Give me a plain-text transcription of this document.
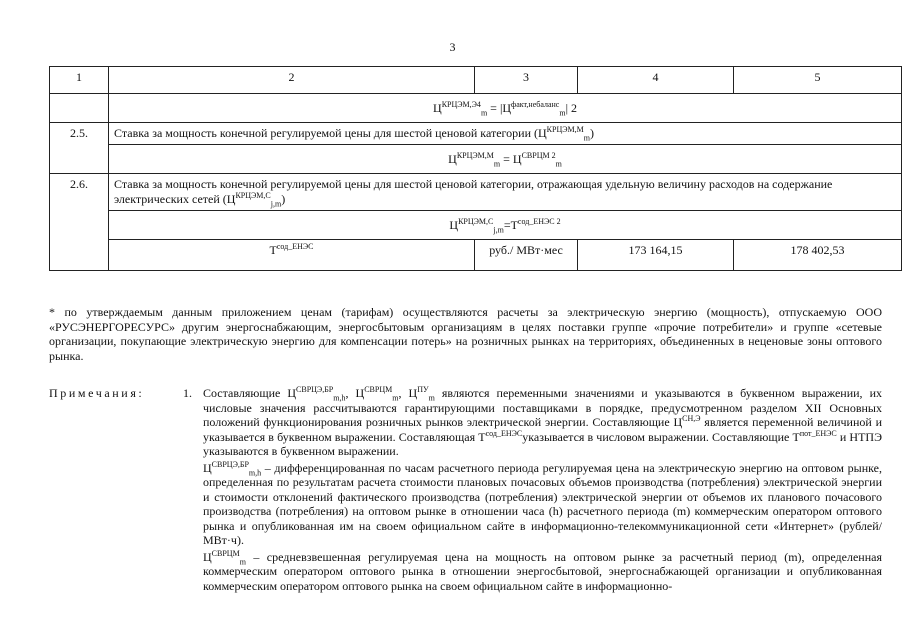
3
1	2	3	4	5
	$Ц^{КРЦЭМ,Э4}_m = |Ц^{факт,небаланс}_m|$ 2			
2.5.	Ставка за мощность конечной регулируемой цены для шестой ценовой категории $(Ц^{КРЦЭМ,М}_m)$			
	$Ц^{КРЦЭМ,М}_m = Ц^{СВРЦМ 2}_m$
2.6.	Ставка за мощность конечной регулируемой цены для шестой ценовой категории, отражающая удельную величину расходов на содержание электрических сетей $(Ц^{КРЦЭМ,С}_{j,m})$			
	$Ц^{КРЦЭМ,С}_{j,m}=Т^{сод\_ЕНЭС 2}$
	$Т^{сод\_ЕНЭС}$	руб./ МВт·мес	173 164,15	178 402,53
* по утверждаемым данным приложением ценам (тарифам) осуществляются расчеты за электрическую энергию (мощность), отпускаемую ООО «РУСЭНЕРГОРЕСУРС» другим энергоснабжающим, энергосбытовым организациям в целях поставки группе «прочие потребители» и группе «сетевые организации, покупающие электрическую энергию для компенсации потерь» на розничных рынках на территориях, объединенных в неценовые зоны оптового рынка.
Примечания:	1. Составляющие $Ц^{СВРЦЭ,БР}_{m,h}$, $Ц^{СВРЦМ}_m$, $Ц^{ПУ}_m$ являются переменными значениями и указываются в буквенном выражении, их числовые значения рассчитываются гарантирующими поставщиками в порядке, предусмотренном разделом XII Основных положений функционирования розничных рынков электрической энергии. Составляющие $Ц^{СН,Э}$ является переменной величиной и указывается в буквенном выражении. Составляющая $Т^{сод\_ЕНЭС}указывается$ в числовом выражении. Составляющие $Т^{пот\_ЕНЭС}$ и НТПЭ указываются в буквенном выражении.

$Ц^{СВРЦЭ,БР}_{m,h}$ – дифференцированная по часам расчетного периода регулируемая цена на электрическую энергию на оптовом рынке, определенная по результатам расчета стоимости плановых почасовых объемов производства (потребления) электрической энергии и стоимости отклонений фактического производства (потребления) электрической энергии от объемов их планового почасового производства (потребления) на оптовом рынке в отношении часа (h) расчетного периода (m) коммерческим оператором оптового рынка и опубликованная им на своем официальном сайте в информационно-телекоммуникационной сети «Интернет» (рублей/МВт·ч).

$Ц^{СВРЦМ}_m$ – средневзвешенная регулируемая цена на мощность на оптовом рынке за расчетный период (m), определенная коммерческим оператором оптового рынка в отношении энергосбытовой, энергоснабжающей организации и опубликованная коммерческим оператором оптового рынка на своем официальном сайте в информационно-
